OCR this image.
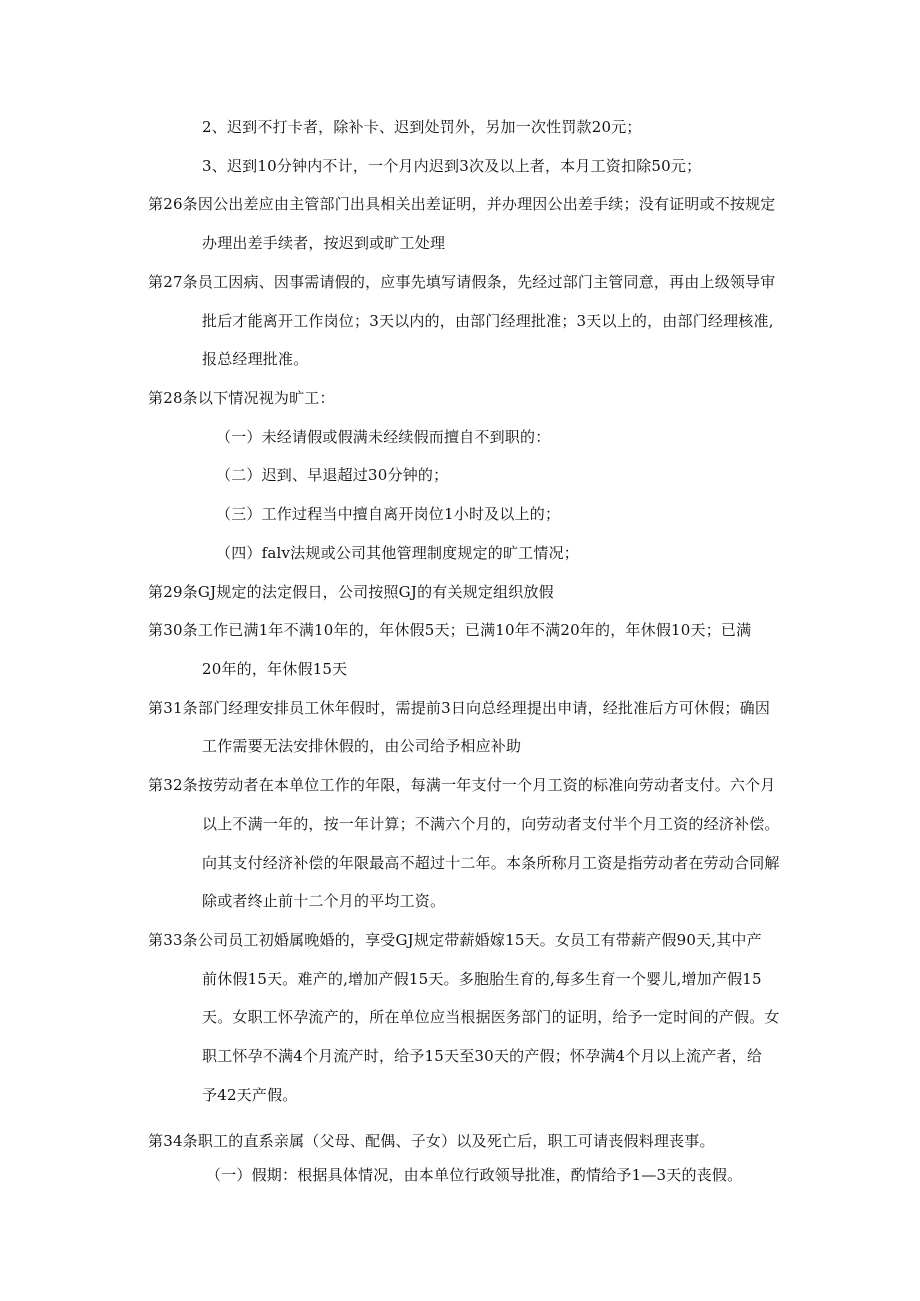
2、迟到不打卡者，除补卡、迟到处罚外，另加一次性罚款20元；
3、迟到10分钟内不计，一个月内迟到3次及以上者，本月工资扣除50元；
第26条因公出差应由主管部门出具相关出差证明，并办理因公出差手续；没有证明或不按规定
办理出差手续者，按迟到或旷工处理
第27条员工因病、因事需请假的，应事先填写请假条，先经过部门主管同意，再由上级领导审
批后才能离开工作岗位；3天以内的，由部门经理批准；3天以上的，由部门经理核准,
报总经理批准。
第28条以下情况视为旷工：
（一）未经请假或假满未经续假而擅自不到职的：
（二）迟到、早退超过30分钟的；
（三）工作过程当中擅自离开岗位1小时及以上的；
（四）falv法规或公司其他管理制度规定的旷工情况；
第29条GJ规定的法定假日，公司按照GJ的有关规定组织放假
第30条工作已满1年不满10年的，年休假5天；已满10年不满20年的，年休假10天；已满
20年的，年休假15天
第31条部门经理安排员工休年假时，需提前3日向总经理提出申请，经批准后方可休假；确因
工作需要无法安排休假的，由公司给予相应补助
第32条按劳动者在本单位工作的年限，每满一年支付一个月工资的标准向劳动者支付。六个月
以上不满一年的，按一年计算；不满六个月的，向劳动者支付半个月工资的经济补偿。
向其支付经济补偿的年限最高不超过十二年。本条所称月工资是指劳动者在劳动合同解
除或者终止前十二个月的平均工资。
第33条公司员工初婚属晚婚的，享受GJ规定带薪婚嫁15天。女员工有带薪产假90天,其中产
前休假15天。难产的,增加产假15天。多胞胎生育的,每多生育一个婴儿,增加产假15
天。女职工怀孕流产的，所在单位应当根据医务部门的证明，给予一定时间的产假。女
职工怀孕不满4个月流产时，给予15天至30天的产假；怀孕满4个月以上流产者，给
予42天产假。
第34条职工的直系亲属（父母、配偶、子女）以及死亡后，职工可请丧假料理丧事。
（一）假期：根据具体情况，由本单位行政领导批准，酌情给予1—3天的丧假。
